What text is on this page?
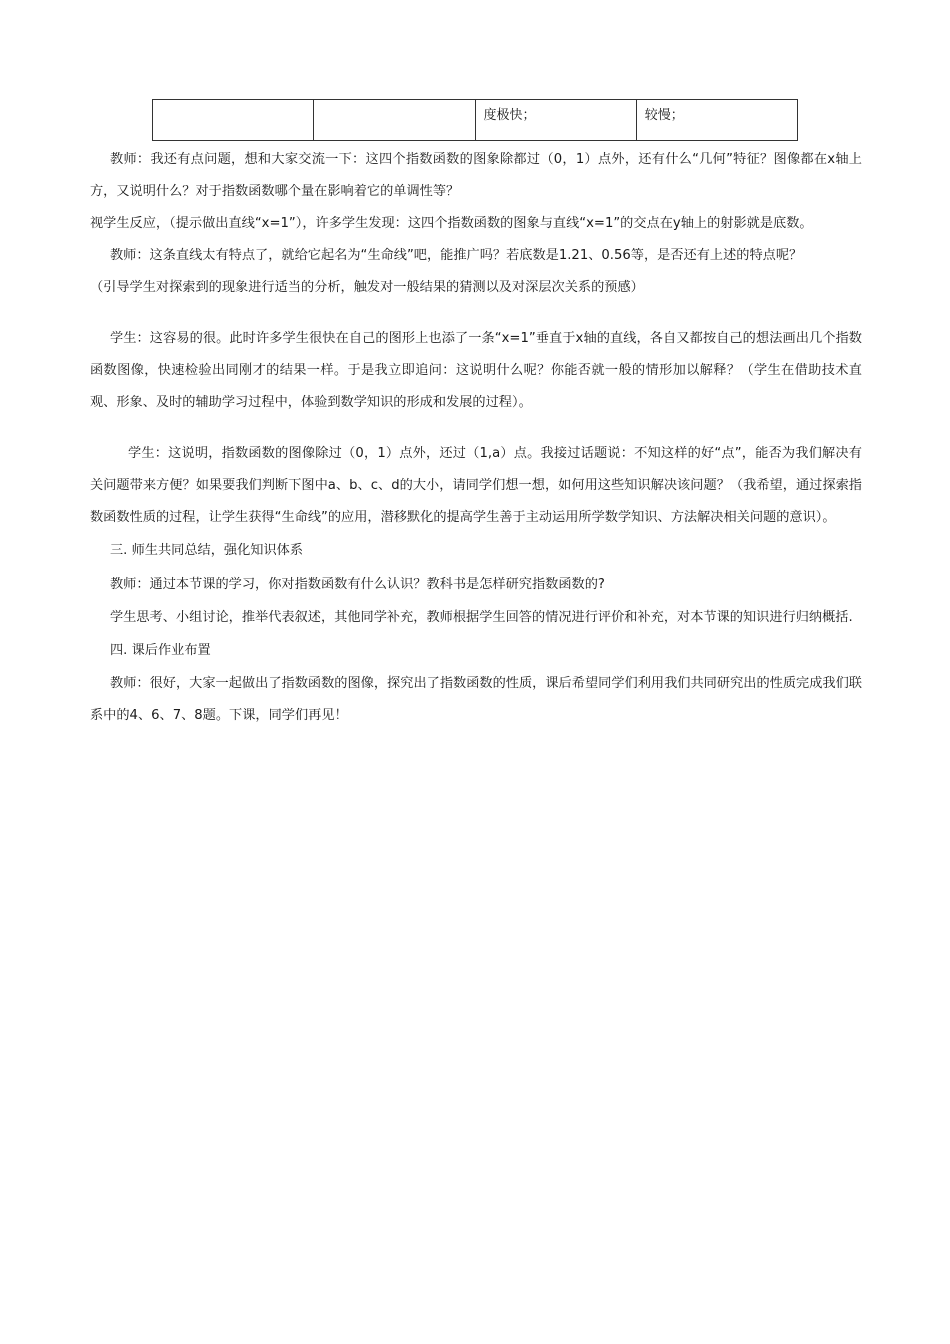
		度极快；	较慢；

教师：我还有点问题，想和大家交流一下：这四个指数函数的图象除都过（0，1）点外，还有什么“几何”特征？图像都在x轴上方，又说明什么？对于指数函数哪个量在影响着它的单调性等？

视学生反应，（提示做出直线“x=1”），许多学生发现：这四个指数函数的图象与直线“x=1”的交点在y轴上的射影就是底数。

教师：这条直线太有特点了，就给它起名为“生命线”吧，能推广吗？若底数是1.21、0.56等，是否还有上述的特点呢？

（引导学生对探索到的现象进行适当的分析，触发对一般结果的猜测以及对深层次关系的预感）

学生：这容易的很。此时许多学生很快在自己的图形上也添了一条“x=1”垂直于x轴的直线，各自又都按自己的想法画出几个指数函数图像，快速检验出同刚才的结果一样。于是我立即追问：这说明什么呢？你能否就一般的情形加以解释？（学生在借助技术直观、形象、及时的辅助学习过程中，体验到数学知识的形成和发展的过程）。

学生：这说明，指数函数的图像除过（0，1）点外，还过（1,a）点。我接过话题说：不知这样的好“点”，能否为我们解决有关问题带来方便？如果要我们判断下图中a、b、c、d的大小，请同学们想一想，如何用这些知识解决该问题？（我希望，通过探索指数函数性质的过程，让学生获得“生命线”的应用，潜移默化的提高学生善于主动运用所学数学知识、方法解决相关问题的意识）。

三. 师生共同总结，强化知识体系

教师：通过本节课的学习，你对指数函数有什么认识？教科书是怎样研究指数函数的?

学生思考、小组讨论，推举代表叙述，其他同学补充，教师根据学生回答的情况进行评价和补充，对本节课的知识进行归纳概括.

四. 课后作业布置

教师：很好，大家一起做出了指数函数的图像，探究出了指数函数的性质，课后希望同学们利用我们共同研究出的性质完成我们联系中的4、6、7、8题。下课，同学们再见！
